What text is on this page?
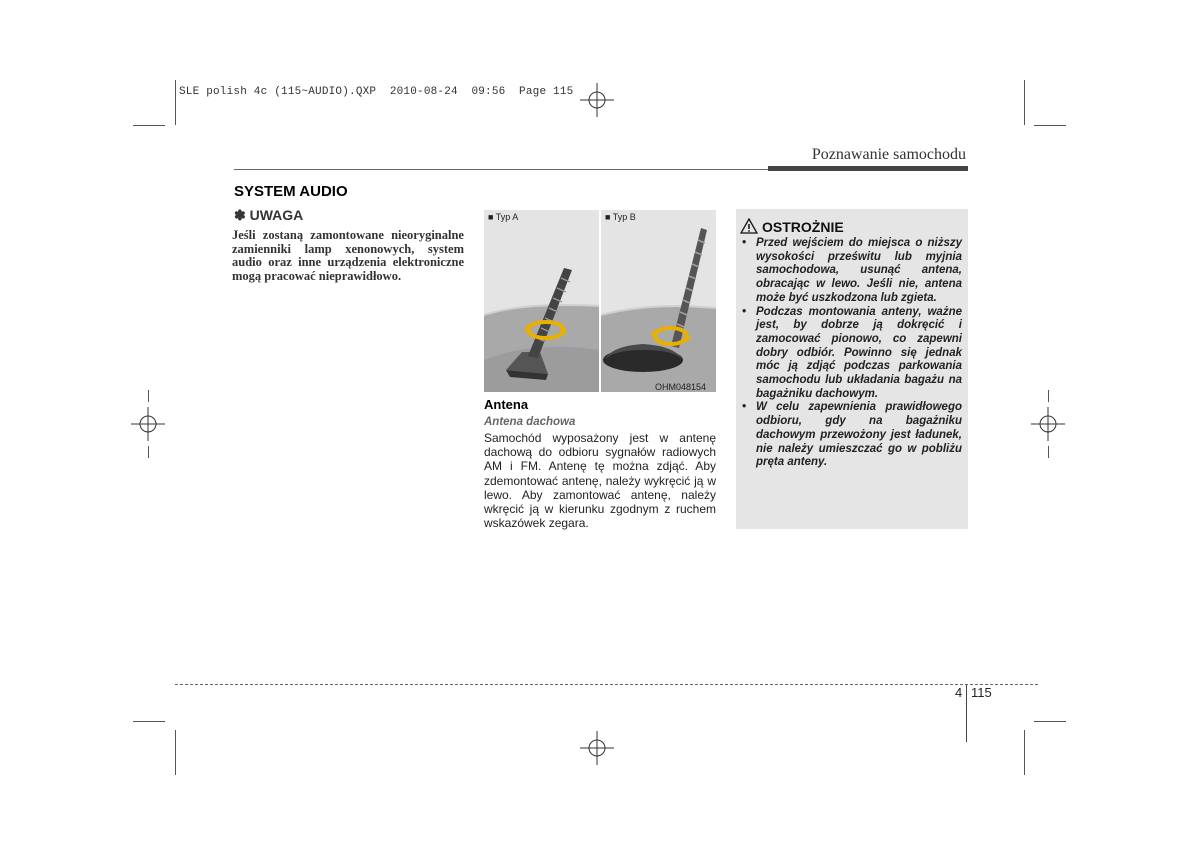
SLE polish 4c (115~AUDIO).QXP  2010-08-24  09:56  Page 115
Poznawanie samochodu
SYSTEM AUDIO
✽ UWAGA
Jeśli zostaną zamontowane nieoryginalne zamienniki lamp xenonowych, system audio oraz inne urządzenia elektroniczne mogą pracować nieprawidłowo.
■ Typ A	■ Typ B
OHM048154
Antena
Antena dachowa
Samochód wyposażony jest w antenę dachową do odbioru sygnałów radiowych AM i FM. Antenę tę można zdjąć. Aby zdemontować antenę, należy wykręcić ją w lewo. Aby zamontować antenę, należy wkręcić ją w kierunku zgodnym z ruchem wskazówek zegara.
OSTROŻNIE
• Przed wejściem do miejsca o niższy wysokości prześwitu lub myjnia samochodowa, usunąć antena, obracając w lewo. Jeśli nie, antena może być uszkodzona lub zgieta.
• Podczas montowania anteny, ważne jest, by dobrze ją dokręcić i zamocować pionowo, co zapewni dobry odbiór. Powinno się jednak móc ją zdjąć podczas parkowania samochodu lub układania bagażu na bagażniku dachowym.
• W celu zapewnienia prawidłowego odbioru, gdy na bagażniku dachowym przewożony jest ładunek, nie należy umieszczać go w pobliżu pręta anteny.
4 115
